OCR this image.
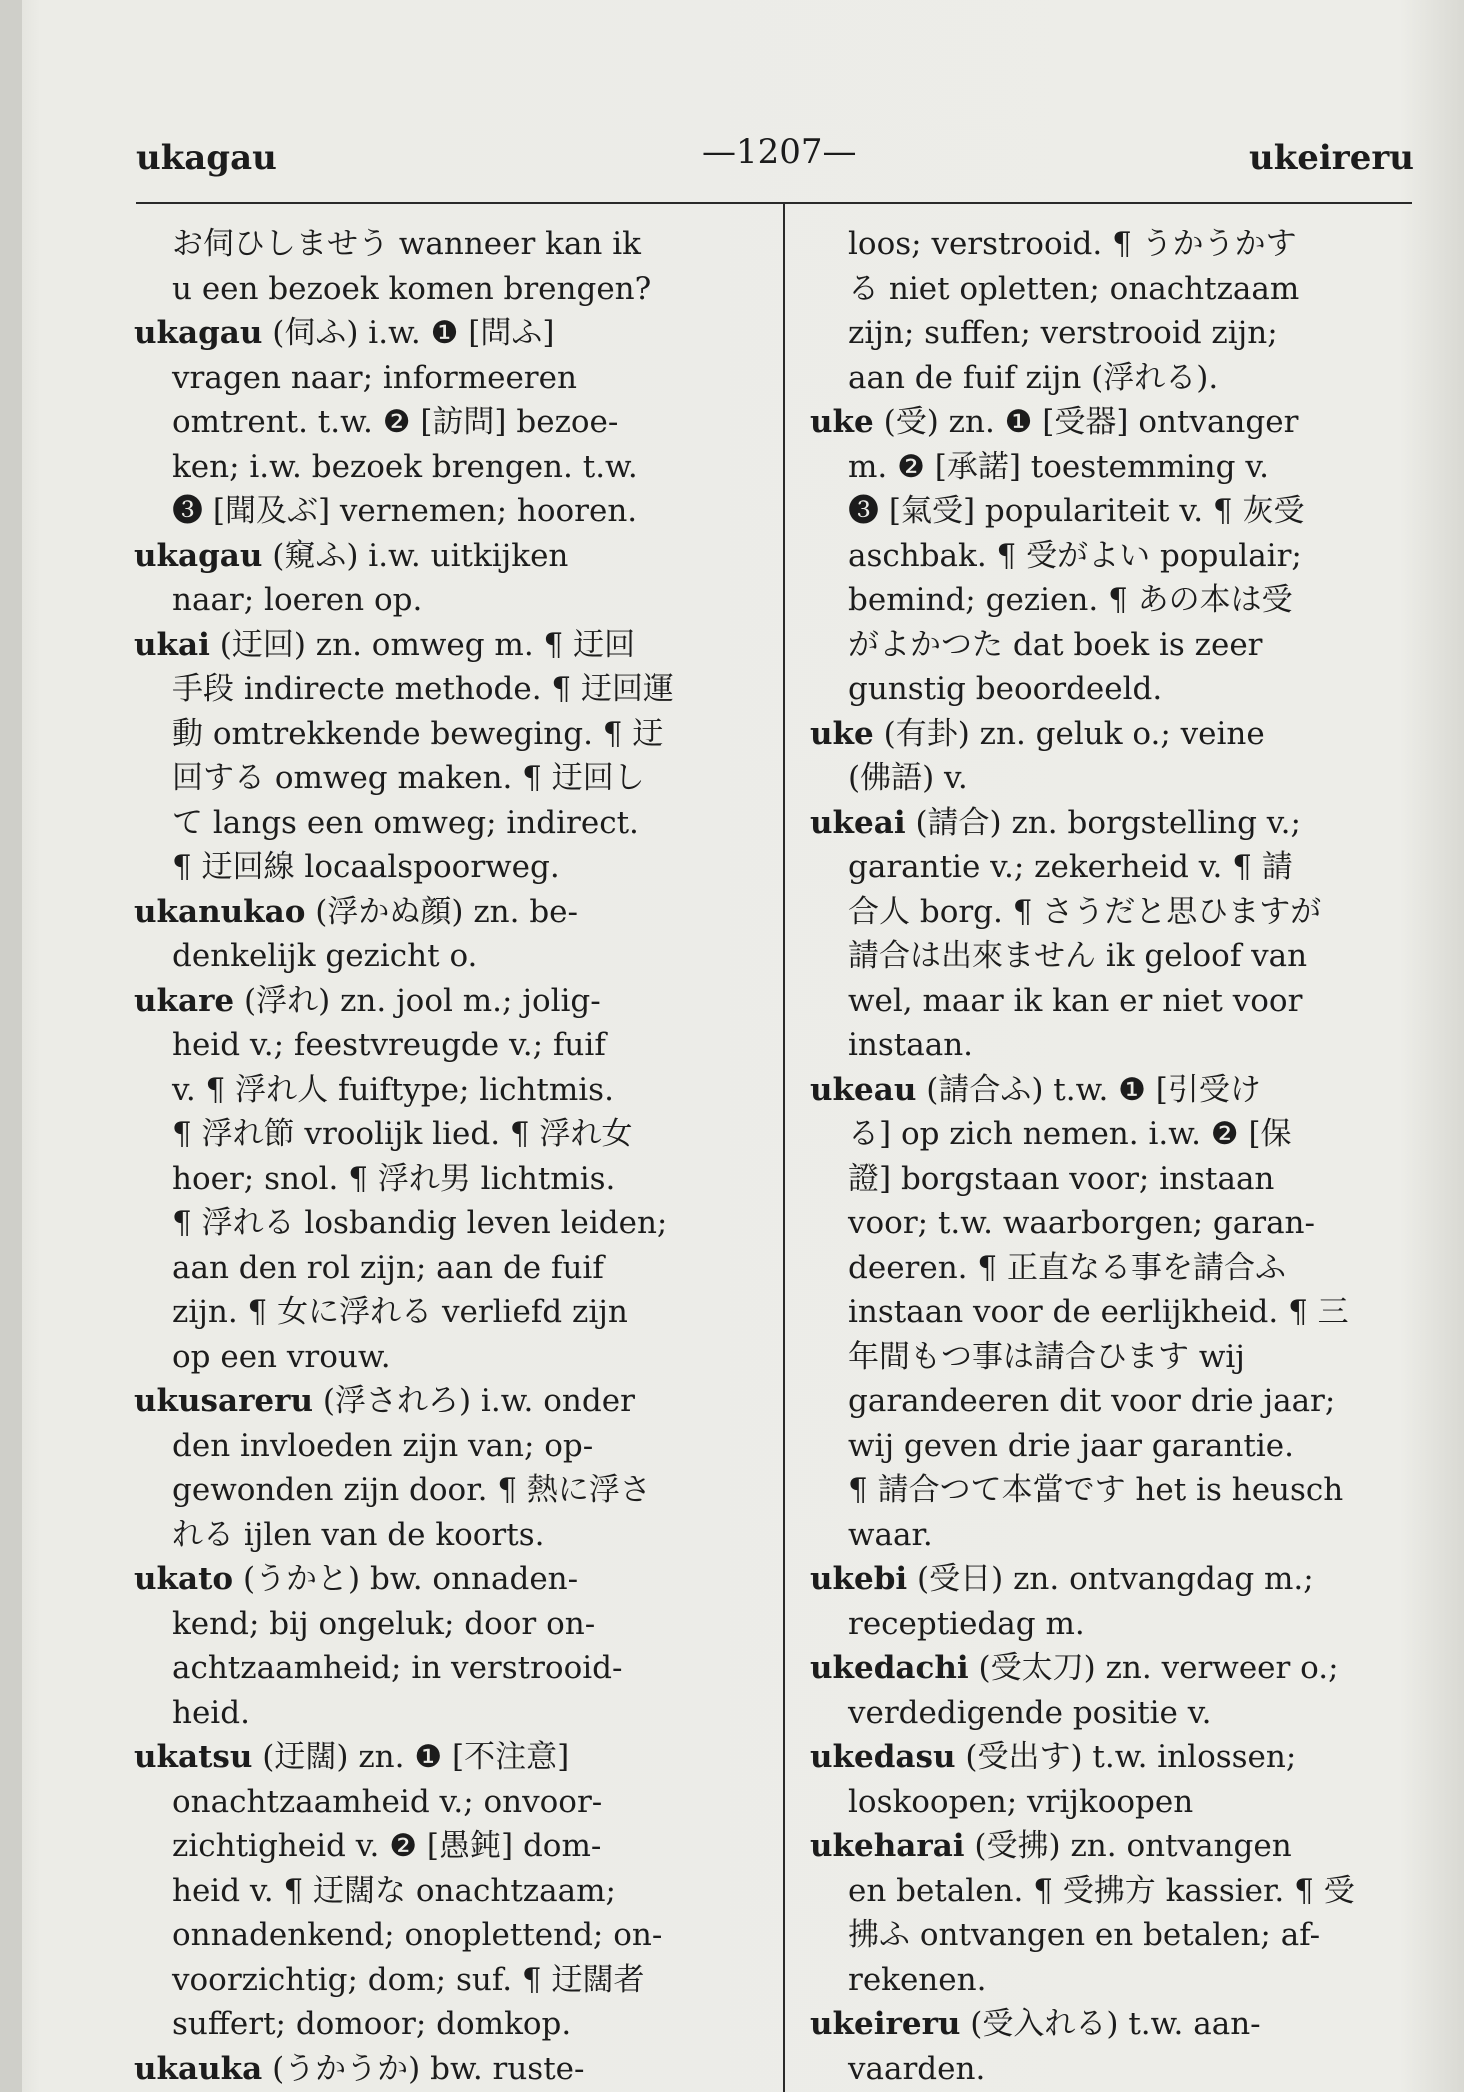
ukagau	—1207—	ukeireru
お伺ひしませう wanneer kan ik
u een bezoek komen brengen?
ukagau (伺ふ) i.w. ❶ [問ふ]
vragen naar; informeeren
omtrent. t.w. ❷ [訪問] bezoe-
ken; i.w. bezoek brengen. t.w.
❸ [聞及ぶ] vernemen; hooren.
ukagau (窺ふ) i.w. uitkijken
naar; loeren op.
ukai (迂回) zn. omweg m. ¶ 迂回
手段 indirecte methode. ¶ 迂回運
動 omtrekkende beweging. ¶ 迂
回する omweg maken. ¶ 迂回し
て langs een omweg; indirect.
¶ 迂回線 locaalspoorweg.
ukanukao (浮かぬ顔) zn. be-
denkelijk gezicht o.
ukare (浮れ) zn. jool m.; jolig-
heid v.; feestvreugde v.; fuif
v. ¶ 浮れ人 fuiftype; lichtmis.
¶ 浮れ節 vroolijk lied. ¶ 浮れ女
hoer; snol. ¶ 浮れ男 lichtmis.
¶ 浮れる losbandig leven leiden;
aan den rol zijn; aan de fuif
zijn. ¶ 女に浮れる verliefd zijn
op een vrouw.
ukusareru (浮されろ) i.w. onder
den invloeden zijn van; op-
gewonden zijn door. ¶ 熱に浮さ
れる ijlen van de koorts.
ukato (うかと) bw. onnaden-
kend; bij ongeluk; door on-
achtzaamheid; in verstrooid-
heid.
ukatsu (迂闊) zn. ❶ [不注意]
onachtzaamheid v.; onvoor-
zichtigheid v. ❷ [愚鈍] dom-
heid v. ¶ 迂闊な onachtzaam;
onnadenkend; onoplettend; on-
voorzichtig; dom; suf. ¶ 迂闊者
suffert; domoor; domkop.
ukauka (うかうか) bw. ruste-
loos; verstrooid. ¶ うかうかす
る niet opletten; onachtzaam
zijn; suffen; verstrooid zijn;
aan de fuif zijn (浮れる).
uke (受) zn. ❶ [受器] ontvanger
m. ❷ [承諾] toestemming v.
❸ [氣受] populariteit v. ¶ 灰受
aschbak. ¶ 受がよい populair;
bemind; gezien. ¶ あの本は受
がよかつた dat boek is zeer
gunstig beoordeeld.
uke (有卦) zn. geluk o.; veine
(佛語) v.
ukeai (請合) zn. borgstelling v.;
garantie v.; zekerheid v. ¶ 請
合人 borg. ¶ さうだと思ひますが
請合は出來ません ik geloof van
wel, maar ik kan er niet voor
instaan.
ukeau (請合ふ) t.w. ❶ [引受け
る] op zich nemen. i.w. ❷ [保
證] borgstaan voor; instaan
voor; t.w. waarborgen; garan-
deeren. ¶ 正直なる事を請合ふ
instaan voor de eerlijkheid. ¶ 三
年間もつ事は請合ひます wij
garandeeren dit voor drie jaar;
wij geven drie jaar garantie.
¶ 請合つて本當です het is heusch
waar.
ukebi (受日) zn. ontvangdag m.;
receptiedag m.
ukedachi (受太刀) zn. verweer o.;
verdedigende positie v.
ukedasu (受出す) t.w. inlossen;
loskoopen; vrijkoopen
ukeharai (受拂) zn. ontvangen
en betalen. ¶ 受拂方 kassier. ¶ 受
拂ふ ontvangen en betalen; af-
rekenen.
ukeireru (受入れる) t.w. aan-
vaarden.
